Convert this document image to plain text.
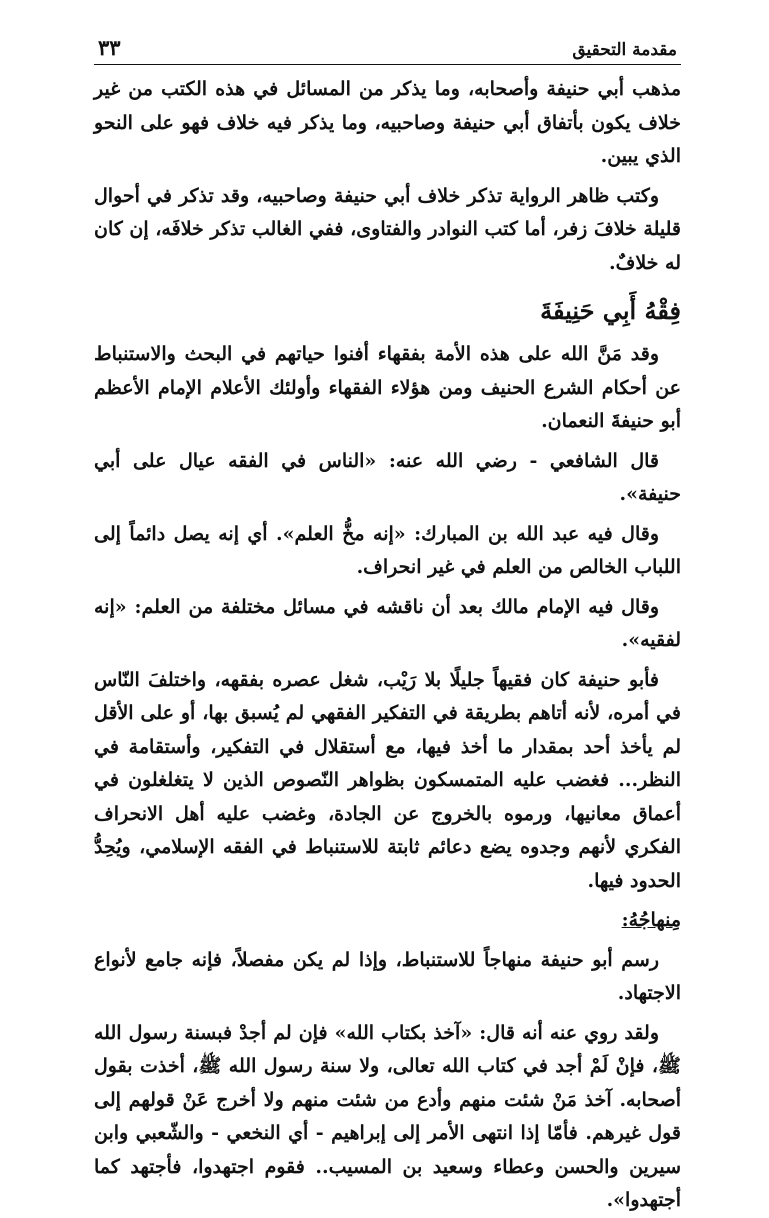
مقدمة التحقيق
٣٣

مذهب أبي حنيفة وأصحابه، وما يذكر من المسائل في هذه الكتب من غير خلاف يكون بأتفاق أبي حنيفة وصاحبيه، وما يذكر فيه خلاف فهو على النحو الذي يبين.

وكتب ظاهر الرواية تذكر خلاف أبي حنيفة وصاحبيه، وقد تذكر في أحوال قليلة خلافَ زفر، أما كتب النوادر والفتاوى، ففي الغالب تذكر خلافَه، إن كان له خلافٌ.

فِقْهُ أَبِي حَنِيفَةَ

وقد مَنَّ الله على هذه الأمة بفقهاء أفنوا حياتهم في البحث والاستنباط عن أحكام الشرع الحنيف ومن هؤلاء الفقهاء وأولئك الأعلام الإمام الأعظم أبو حنيفةَ النعمان.

قال الشافعي - رضي الله عنه: «الناس في الفقه عيال على أبي حنيفة».

وقال فيه عبد الله بن المبارك: «إنه مخُّ العلم». أي إنه يصل دائماً إلى اللباب الخالص من العلم في غير انحراف.

وقال فيه الإمام مالك بعد أن ناقشه في مسائل مختلفة من العلم: «إنه لفقيه».

فأبو حنيفة كان فقيهاً جليلًا بلا رَيْب، شغل عصره بفقهه، واختلفَ النّاس في أمره، لأنه أتاهم بطريقة في التفكير الفقهي لم يُسبق بها، أو على الأقل لم يأخذ أحد بمقدار ما أخذ فيها، مع أستقلال في التفكير، وأستقامة في النظر... فغضب عليه المتمسكون بظواهر النّصوص الذين لا يتغلغلون في أعماق معانيها، ورموه بالخروج عن الجادة، وغضب عليه أهل الانحراف الفكري لأنهم وجدوه يضع دعائم ثابتة للاستنباط في الفقه الإسلامي، ويُحِدُّ الحدود فيها.

مِنهاجُهُ:

رسم أبو حنيفة منهاجاً للاستنباط، وإذا لم يكن مفصلاً، فإنه جامع لأنواع الاجتهاد.

ولقد روي عنه أنه قال: «آخذ بكتاب الله» فإن لم أجدْ فبسنة رسول الله ﷺ، فإنْ لَمْ أجد في كتاب الله تعالى، ولا سنة رسول الله ﷺ، أخذت بقول أصحابه. آخذ مَنْ شئت منهم وأدع من شئت منهم ولا أخرج عَنْ قولهم إلى قول غيرهم. فأمّا إذا انتهى الأمر إلى إبراهيم - أي النخعي - والشّعبي وابن سيرين والحسن وعطاء وسعيد بن المسيب.. فقوم اجتهدوا، فأجتهد كما أجتهدوا».
